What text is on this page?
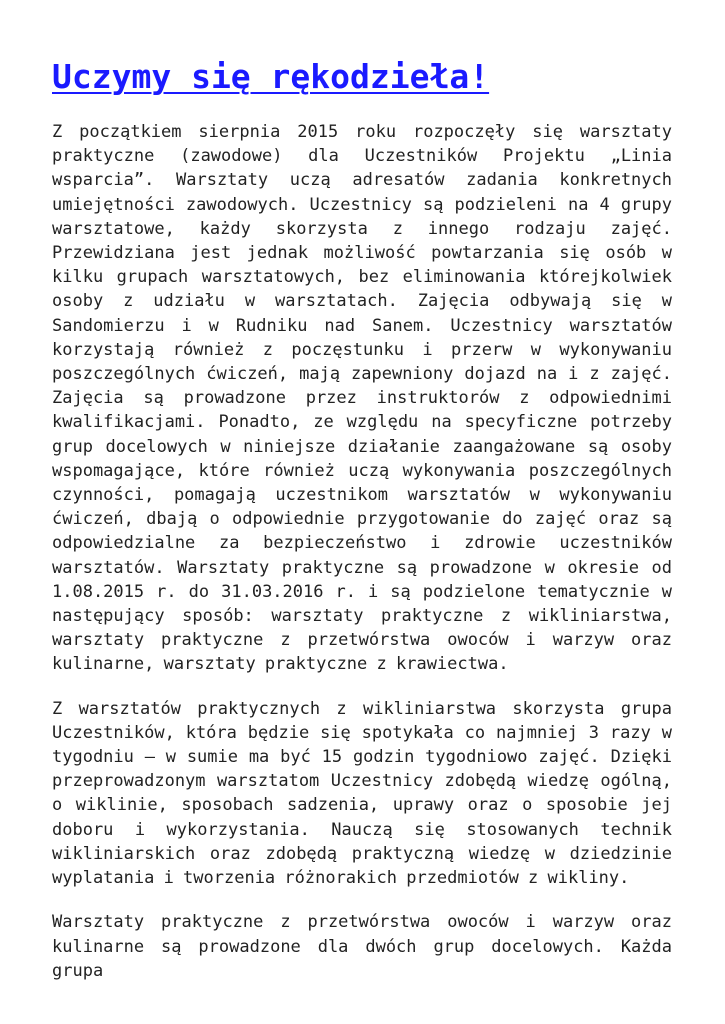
Uczymy się rękodzieła!

Z początkiem sierpnia 2015 roku rozpoczęły się warsztaty praktyczne (zawodowe) dla Uczestników Projektu „Linia wsparcia”. Warsztaty uczą adresatów zadania konkretnych umiejętności zawodowych. Uczestnicy są podzieleni na 4 grupy warsztatowe, każdy skorzysta z innego rodzaju zajęć. Przewidziana jest jednak możliwość powtarzania się osób w kilku grupach warsztatowych, bez eliminowania którejkolwiek osoby z udziału w warsztatach. Zajęcia odbywają się w Sandomierzu i w Rudniku nad Sanem. Uczestnicy warsztatów korzystają również z poczęstunku i przerw w wykonywaniu poszczególnych ćwiczeń, mają zapewniony dojazd na i z zajęć. Zajęcia są prowadzone przez instruktorów z odpowiednimi kwalifikacjami. Ponadto, ze względu na specyficzne potrzeby grup docelowych w niniejsze działanie zaangażowane są osoby wspomagające, które również uczą wykonywania poszczególnych czynności, pomagają uczestnikom warsztatów w wykonywaniu ćwiczeń, dbają o odpowiednie przygotowanie do zajęć oraz są odpowiedzialne za bezpieczeństwo i zdrowie uczestników warsztatów. Warsztaty praktyczne są prowadzone w okresie od 1.08.2015 r. do 31.03.2016 r. i są podzielone tematycznie w następujący sposób: warsztaty praktyczne z wikliniarstwa, warsztaty praktyczne z przetwórstwa owoców i warzyw oraz kulinarne, warsztaty praktyczne z krawiectwa.

Z warsztatów praktycznych z wikliniarstwa skorzysta grupa Uczestników, która będzie się spotykała co najmniej 3 razy w tygodniu – w sumie ma być 15 godzin tygodniowo zajęć. Dzięki przeprowadzonym warsztatom Uczestnicy zdobędą wiedzę ogólną, o wiklinie, sposobach sadzenia, uprawy oraz o sposobie jej doboru i wykorzystania. Nauczą się stosowanych technik wikliniarskich oraz zdobędą praktyczną wiedzę w dziedzinie wyplatania i tworzenia różnorakich przedmiotów z wikliny.

Warsztaty praktyczne z przetwórstwa owoców i warzyw oraz kulinarne są prowadzone dla dwóch grup docelowych. Każda grupa
